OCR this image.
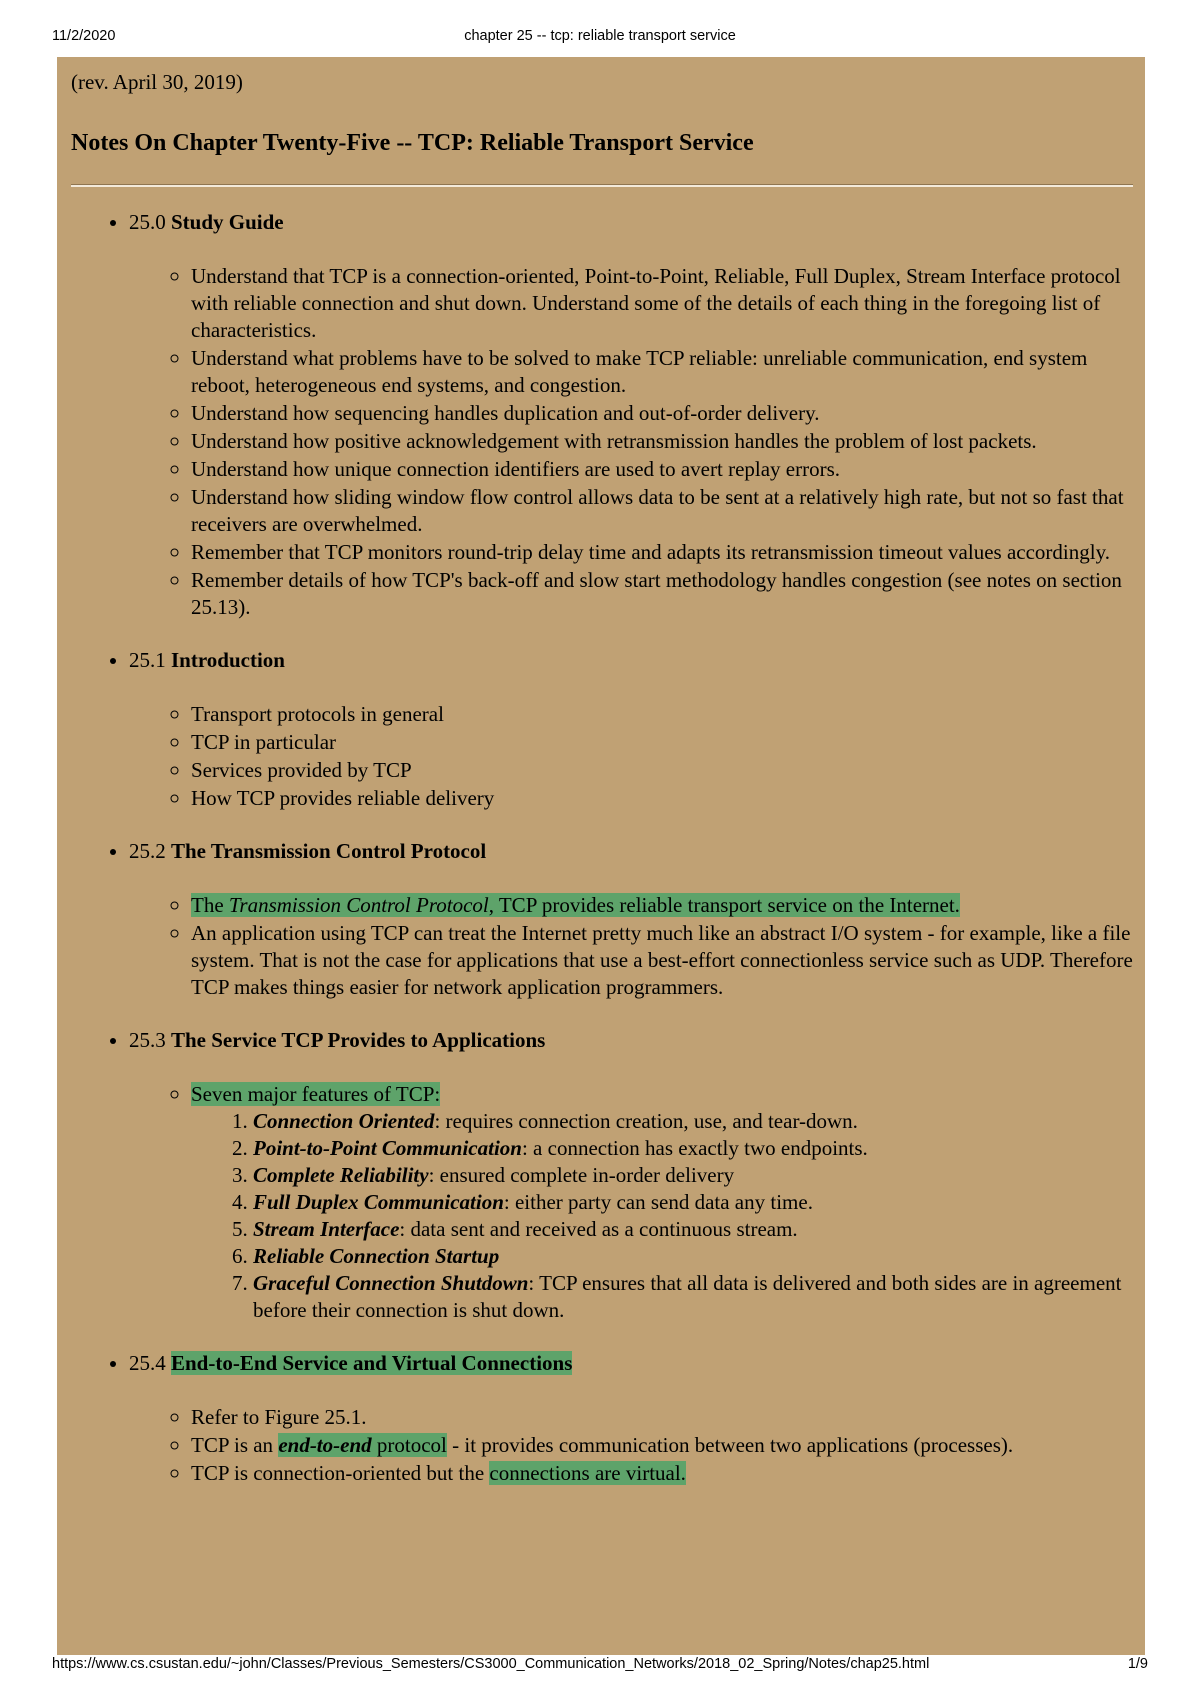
11/2/2020	chapter 25 -- tcp: reliable transport service

(rev. April 30, 2019)

Notes On Chapter Twenty-Five -- TCP: Reliable Transport Service
• 25.0 Study Guide
◦ Understand that TCP is a connection-oriented, Point-to-Point, Reliable, Full Duplex, Stream Interface protocol with reliable connection and shut down. Understand some of the details of each thing in the foregoing list of characteristics.
◦ Understand what problems have to be solved to make TCP reliable: unreliable communication, end system reboot, heterogeneous end systems, and congestion.
◦ Understand how sequencing handles duplication and out-of-order delivery.
◦ Understand how positive acknowledgement with retransmission handles the problem of lost packets.
◦ Understand how unique connection identifiers are used to avert replay errors.
◦ Understand how sliding window flow control allows data to be sent at a relatively high rate, but not so fast that receivers are overwhelmed.
◦ Remember that TCP monitors round-trip delay time and adapts its retransmission timeout values accordingly.
◦ Remember details of how TCP's back-off and slow start methodology handles congestion (see notes on section 25.13).
• 25.1 Introduction
◦ Transport protocols in general
◦ TCP in particular
◦ Services provided by TCP
◦ How TCP provides reliable delivery
• 25.2 The Transmission Control Protocol
◦ The Transmission Control Protocol, TCP provides reliable transport service on the Internet.
◦ An application using TCP can treat the Internet pretty much like an abstract I/O system - for example, like a file system. That is not the case for applications that use a best-effort connectionless service such as UDP. Therefore TCP makes things easier for network application programmers.
• 25.3 The Service TCP Provides to Applications
◦ Seven major features of TCP:
1. Connection Oriented: requires connection creation, use, and tear-down.
2. Point-to-Point Communication: a connection has exactly two endpoints.
3. Complete Reliability: ensured complete in-order delivery
4. Full Duplex Communication: either party can send data any time.
5. Stream Interface: data sent and received as a continuous stream.
6. Reliable Connection Startup
7. Graceful Connection Shutdown: TCP ensures that all data is delivered and both sides are in agreement before their connection is shut down.
• 25.4 End-to-End Service and Virtual Connections
◦ Refer to Figure 25.1.
◦ TCP is an end-to-end protocol - it provides communication between two applications (processes).
◦ TCP is connection-oriented but the connections are virtual.
https://www.cs.csustan.edu/~john/Classes/Previous_Semesters/CS3000_Communication_Networks/2018_02_Spring/Notes/chap25.html	1/9
